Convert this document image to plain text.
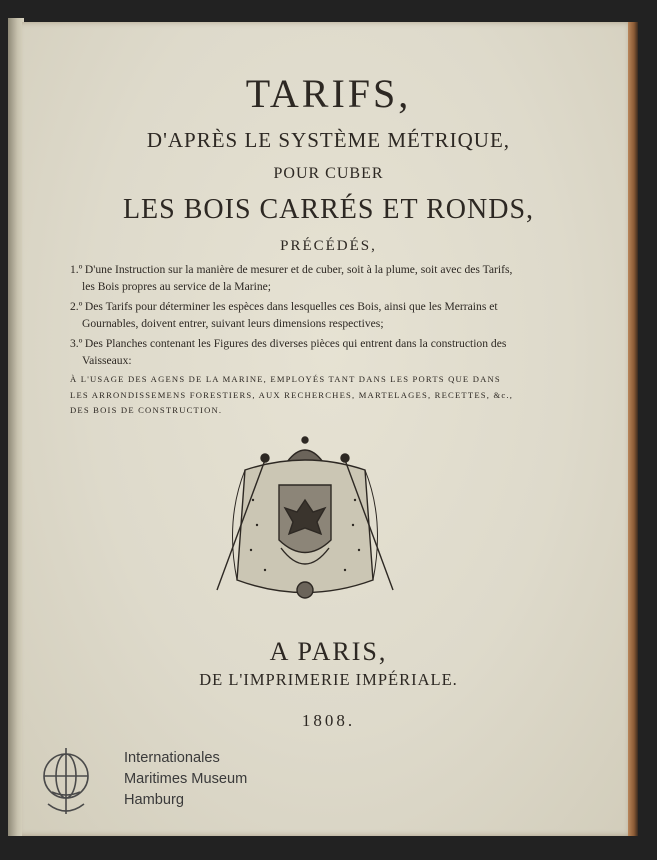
TARIFS,
D'APRÈS LE SYSTÈME MÉTRIQUE,
POUR CUBER
LES BOIS CARRÉS ET RONDS,
PRÉCÉDÉS,
1.º D'une Instruction sur la manière de mesurer et de cuber, soit à la plume, soit avec des Tarifs, les Bois propres au service de la Marine;
2.º Des Tarifs pour déterminer les espèces dans lesquelles ces Bois, ainsi que les Merrains et Gournables, doivent entrer, suivant leurs dimensions respectives;
3.º Des Planches contenant les Figures des diverses pièces qui entrent dans la construction des Vaisseaux:
À L'USAGE DES AGENS DE LA MARINE, EMPLOYÉS TANT DANS LES PORTS QUE DANS LES ARRONDISSEMENS FORESTIERS, AUX RECHERCHES, MARTELAGES, RECETTES, &c., DES BOIS DE CONSTRUCTION.
A PARIS,
DE L'IMPRIMERIE IMPÉRIALE.
1808.
Internationales
Maritimes Museum
Hamburg
